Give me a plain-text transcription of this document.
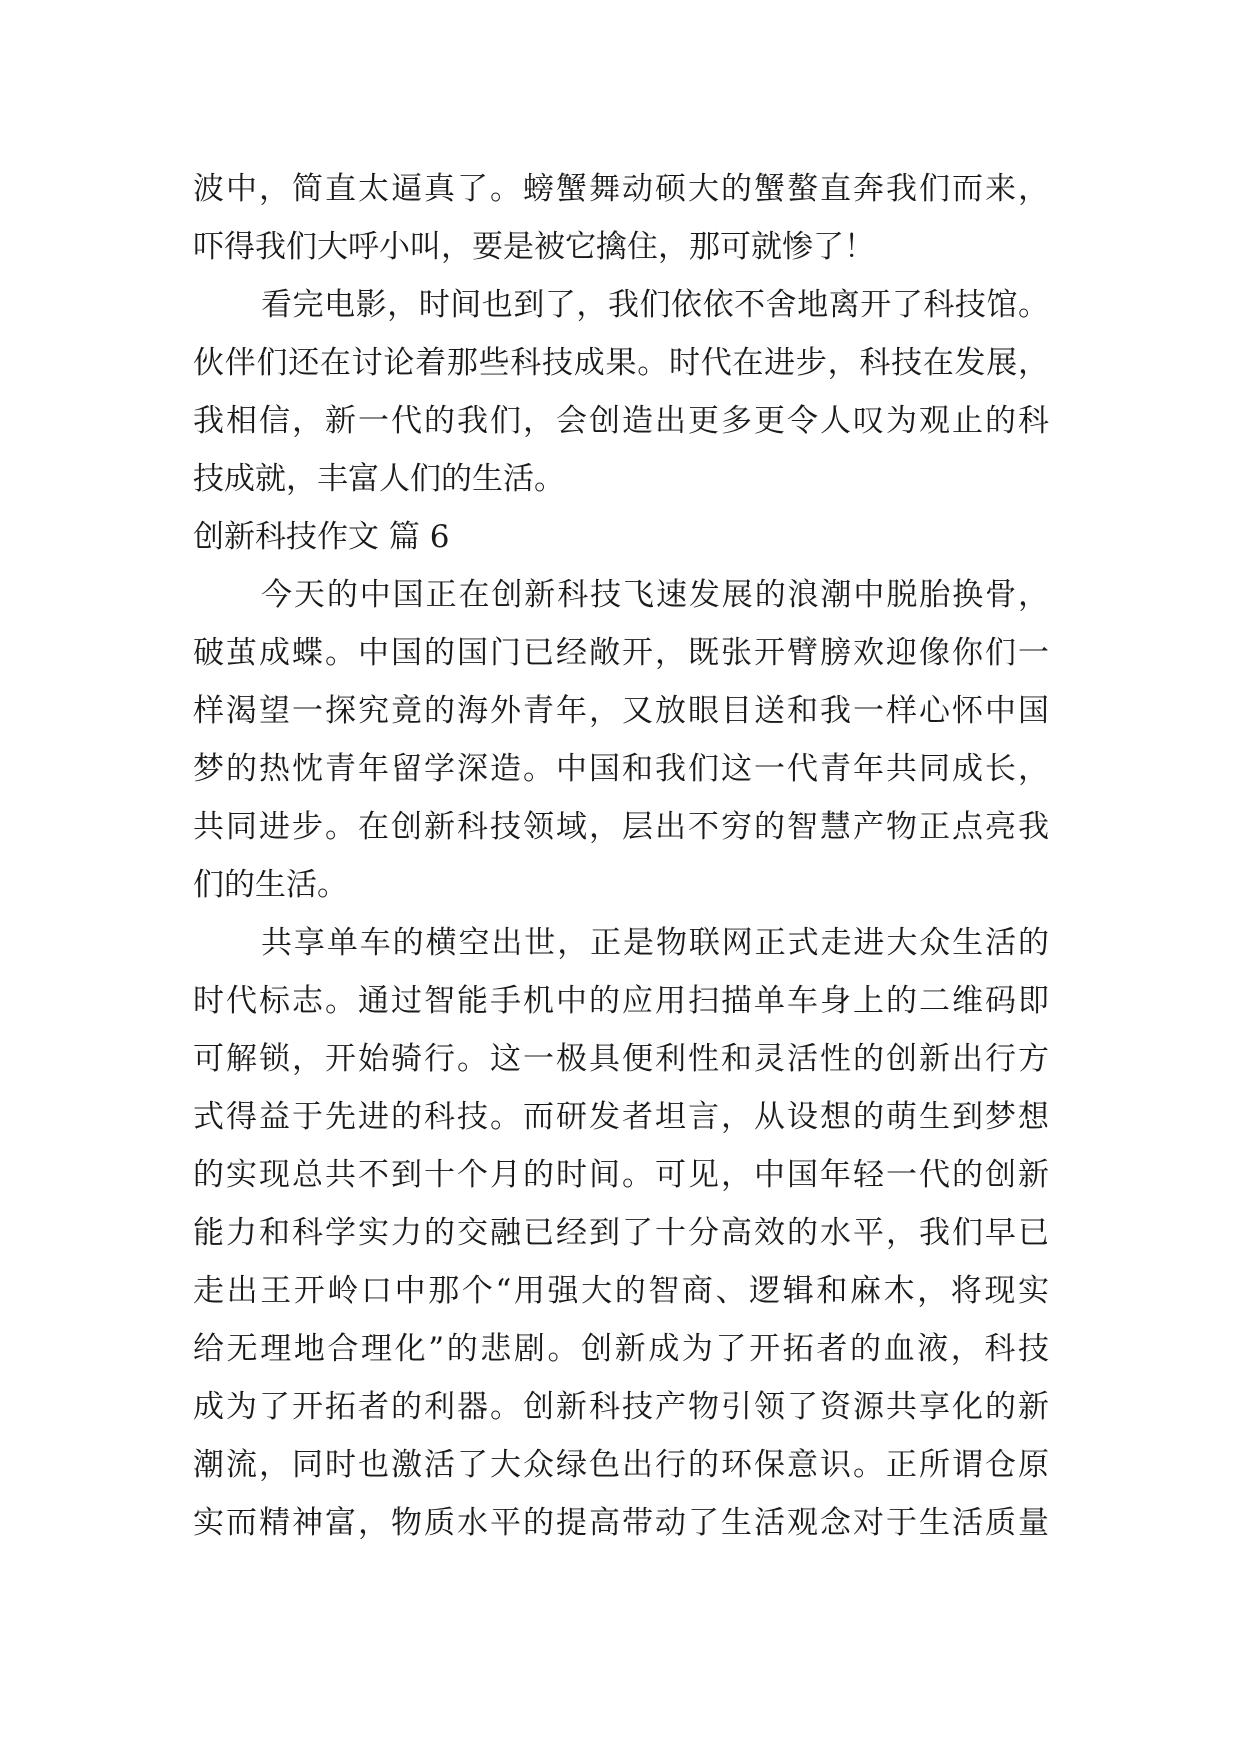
波中，简直太逼真了。螃蟹舞动硕大的蟹螯直奔我们而来，
吓得我们大呼小叫，要是被它擒住，那可就惨了！
看完电影，时间也到了，我们依依不舍地离开了科技馆。
伙伴们还在讨论着那些科技成果。时代在进步，科技在发展，
我相信，新一代的我们，会创造出更多更令人叹为观止的科
技成就，丰富人们的生活。
创新科技作文 篇 6
今天的中国正在创新科技飞速发展的浪潮中脱胎换骨，
破茧成蝶。中国的国门已经敞开，既张开臂膀欢迎像你们一
样渴望一探究竟的海外青年，又放眼目送和我一样心怀中国
梦的热忱青年留学深造。中国和我们这一代青年共同成长，
共同进步。在创新科技领域，层出不穷的智慧产物正点亮我
们的生活。
共享单车的横空出世，正是物联网正式走进大众生活的
时代标志。通过智能手机中的应用扫描单车身上的二维码即
可解锁，开始骑行。这一极具便利性和灵活性的创新出行方
式得益于先进的科技。而研发者坦言，从设想的萌生到梦想
的实现总共不到十个月的时间。可见，中国年轻一代的创新
能力和科学实力的交融已经到了十分高效的水平，我们早已
走出王开岭口中那个“用强大的智商、逻辑和麻木，将现实
给无理地合理化”的悲剧。创新成为了开拓者的血液，科技
成为了开拓者的利器。创新科技产物引领了资源共享化的新
潮流，同时也激活了大众绿色出行的环保意识。正所谓仓原
实而精神富，物质水平的提高带动了生活观念对于生活质量
